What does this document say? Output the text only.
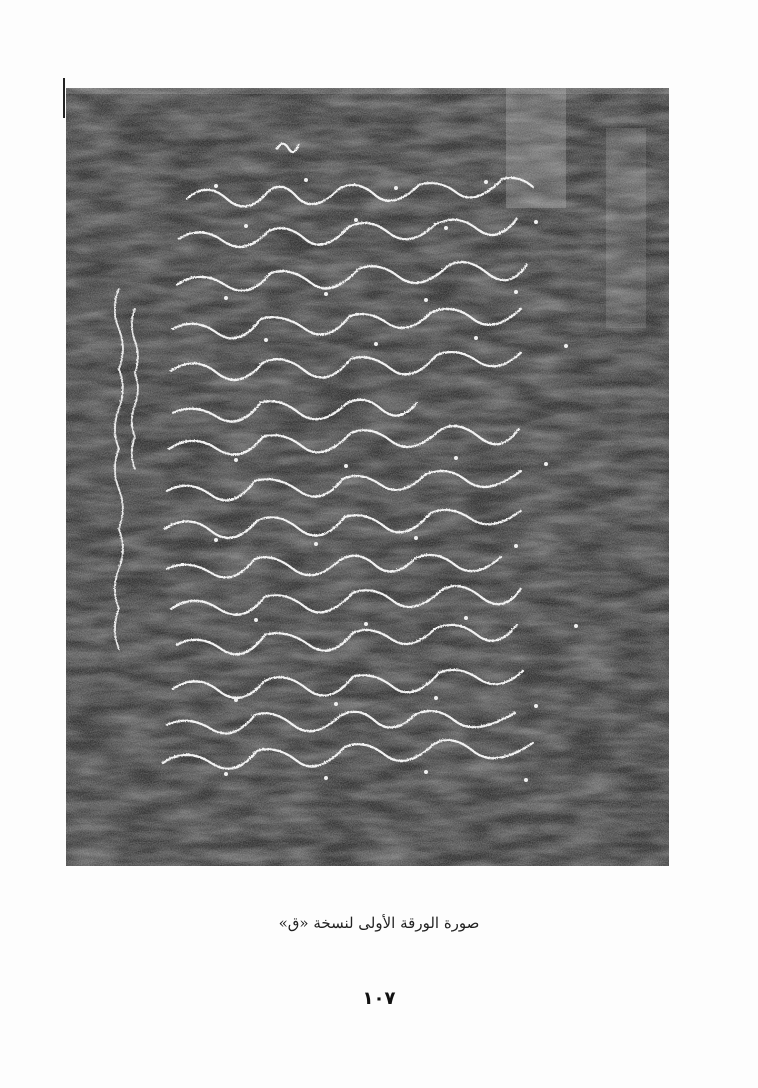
صورة الورقة الأولى لنسخة «ق»
١٠٧
